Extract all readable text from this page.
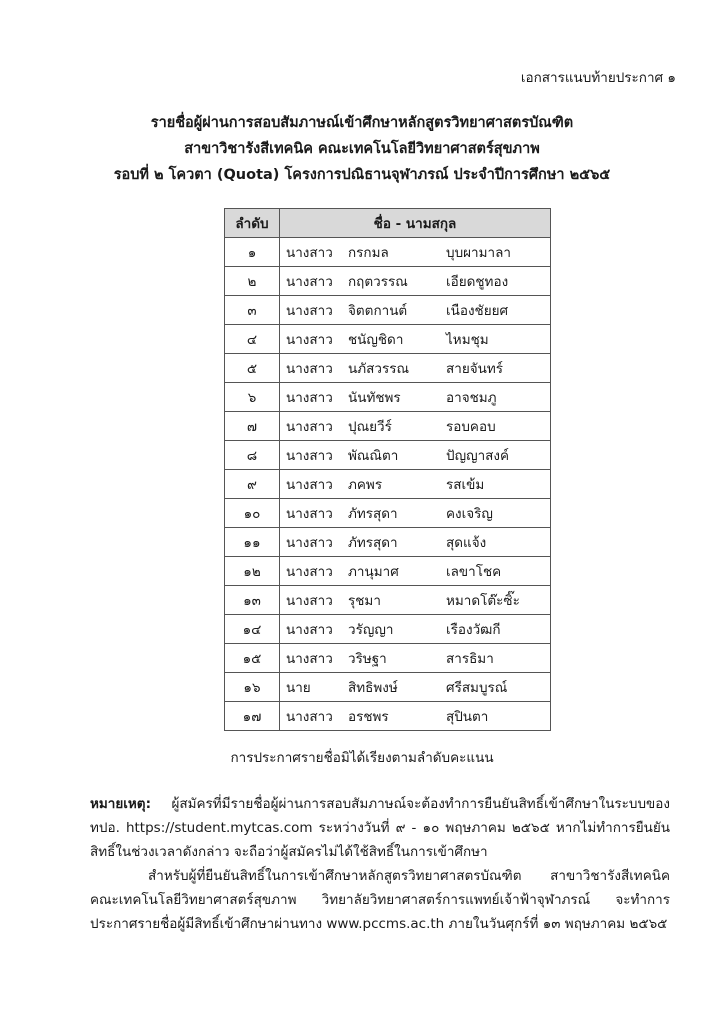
เอกสารแนบท้ายประกาศ ๑
รายชื่อผู้ผ่านการสอบสัมภาษณ์เข้าศึกษาหลักสูตรวิทยาศาสตรบัณฑิต
สาขาวิชารังสีเทคนิค คณะเทคโนโลยีวิทยาศาสตร์สุขภาพ
รอบที่ ๒ โควตา (Quota) โครงการปณิธานจุฬาภรณ์ ประจำปีการศึกษา ๒๕๖๕
ลำดับ	ชื่อ - นามสกุล
๑	นางสาว กรกมล บุบผามาลา

๒	นางสาว กฤตวรรณ เอียดชูทอง

๓	นางสาว จิตตกานต์ เนืองชัยยศ

๔	นางสาว ชนัญชิดา ไหมชุม

๕	นางสาว นภัสวรรณ สายจันทร์

๖	นางสาว นันทัชพร อาจชมภู

๗	นางสาว ปุณยวีร์ รอบคอบ

๘	นางสาว พัณณิตา ปัญญาสงค์

๙	นางสาว ภคพร รสเข้ม

๑๐	นางสาว ภัทรสุดา คงเจริญ

๑๑	นางสาว ภัทรสุดา สุดแจ้ง

๑๒	นางสาว ภานุมาศ เลขาโชค

๑๓	นางสาว รุชมา หมาดโต๊ะซิ๊ะ

๑๔	นางสาว วรัญญา เรืองวัฒกี

๑๕	นางสาว วริษฐา สารธิมา

๑๖	นาย สิทธิพงษ์ ศรีสมบูรณ์

๑๗	นางสาว อรชพร สุปินตา
การประกาศรายชื่อมิได้เรียงตามลำดับคะแนน

หมายเหตุ: ผู้สมัครที่มีรายชื่อผู้ผ่านการสอบสัมภาษณ์จะต้องทำการยืนยันสิทธิ์เข้าศึกษาในระบบของ ทปอ. https://student.mytcas.com ระหว่างวันที่ ๙ - ๑๐ พฤษภาคม ๒๕๖๕ หากไม่ทำการยืนยันสิทธิ์ในช่วงเวลาดังกล่าว จะถือว่าผู้สมัครไม่ได้ใช้สิทธิ์ในการเข้าศึกษา

สำหรับผู้ที่ยืนยันสิทธิ์ในการเข้าศึกษาหลักสูตรวิทยาศาสตรบัณฑิต สาขาวิชารังสีเทคนิค คณะเทคโนโลยีวิทยาศาสตร์สุขภาพ วิทยาลัยวิทยาศาสตร์การแพทย์เจ้าฟ้าจุฬาภรณ์ จะทำการประกาศรายชื่อผู้มีสิทธิ์เข้าศึกษาผ่านทาง www.pccms.ac.th ภายในวันศุกร์ที่ ๑๓ พฤษภาคม ๒๕๖๕
